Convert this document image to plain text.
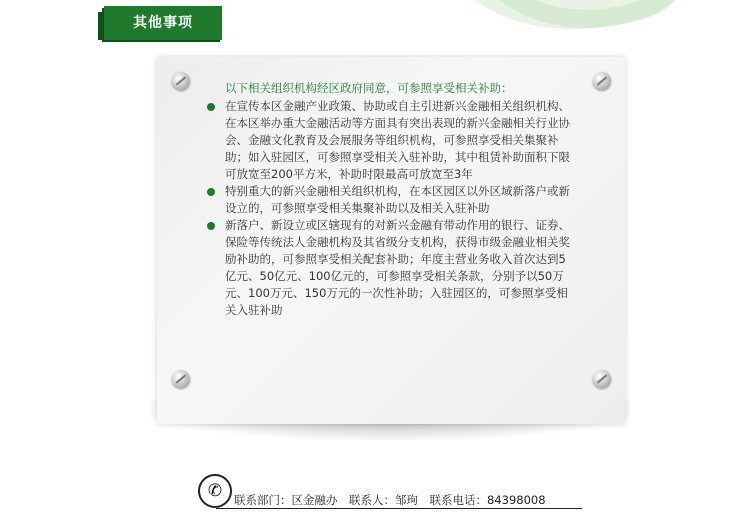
其他事项

以下相关组织机构经区政府同意，可参照享受相关补助：

在宣传本区金融产业政策、协助或自主引进新兴金融相关组织机构、在本区举办重大金融活动等方面具有突出表现的新兴金融相关行业协会、金融文化教育及会展服务等组织机构，可参照享受相关集聚补助；如入驻园区，可参照享受相关入驻补助，其中租赁补助面积下限可放宽至200平方米，补助时限最高可放宽至3年
特别重大的新兴金融相关组织机构，在本区园区以外区域新落户或新设立的，可参照享受相关集聚补助以及相关入驻补助
新落户、新设立或区辖现有的对新兴金融有带动作用的银行、证券、保险等传统法人金融机构及其省级分支机构，获得市级金融业相关奖励补助的，可参照享受相关配套补助；年度主营业务收入首次达到5亿元、50亿元、100亿元的，可参照享受相关条款，分别予以50万元、100万元、150万元的一次性补助；入驻园区的，可参照享受相关入驻补助
✆	联系部门：区金融办　联系人：邹珣　联系电话：84398008
